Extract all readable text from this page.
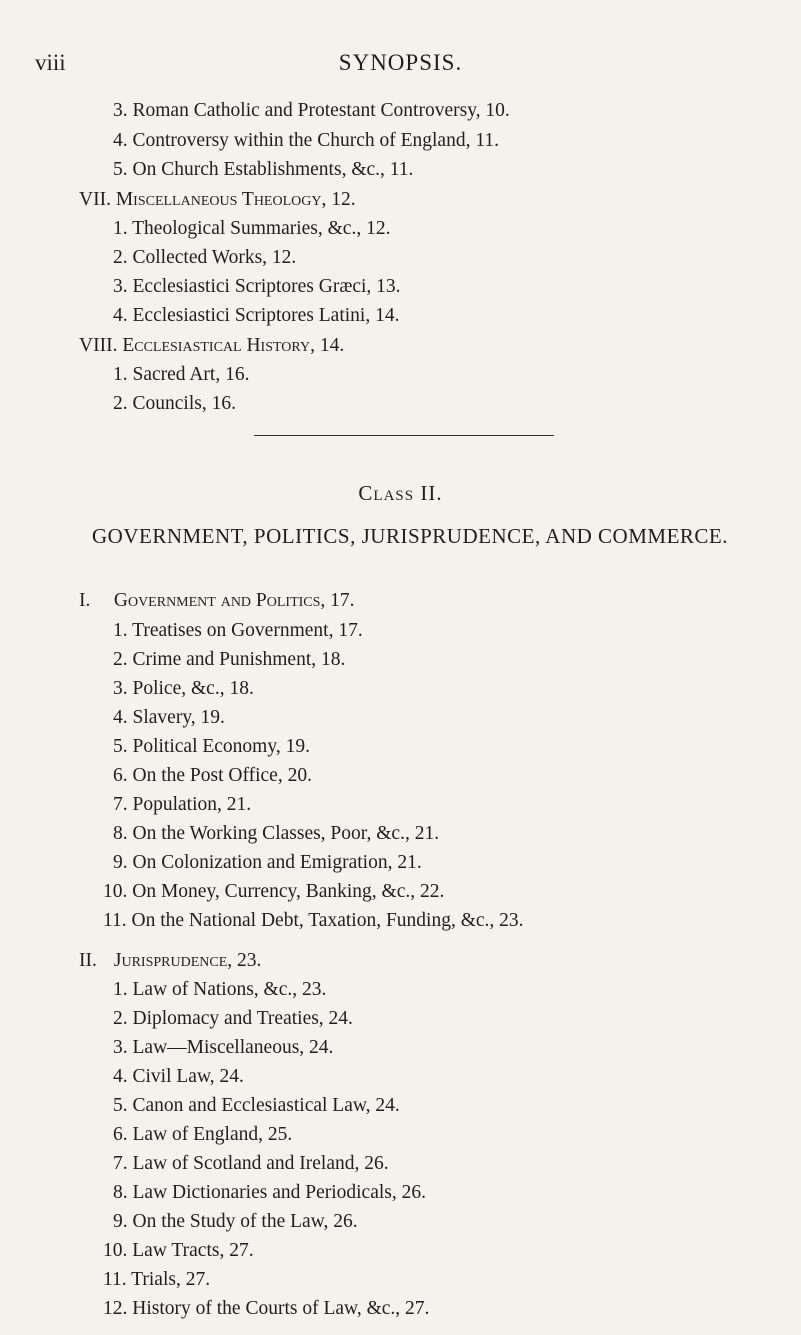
viii	SYNOPSIS.
3. Roman Catholic and Protestant Controversy, 10.
4. Controversy within the Church of England, 11.
5. On Church Establishments, &c., 11.
VII. Miscellaneous Theology, 12.
1. Theological Summaries, &c., 12.
2. Collected Works, 12.
3. Ecclesiastici Scriptores Græci, 13.
4. Ecclesiastici Scriptores Latini, 14.
VIII. Ecclesiastical History, 14.
1. Sacred Art, 16.
2. Councils, 16.
Class II.
GOVERNMENT, POLITICS, JURISPRUDENCE, AND COMMERCE.
I. Government and Politics, 17.
1. Treatises on Government, 17.
2. Crime and Punishment, 18.
3. Police, &c., 18.
4. Slavery, 19.
5. Political Economy, 19.
6. On the Post Office, 20.
7. Population, 21.
8. On the Working Classes, Poor, &c., 21.
9. On Colonization and Emigration, 21.
10. On Money, Currency, Banking, &c., 22.
11. On the National Debt, Taxation, Funding, &c., 23.
II. Jurisprudence, 23.
1. Law of Nations, &c., 23.
2. Diplomacy and Treaties, 24.
3. Law—Miscellaneous, 24.
4. Civil Law, 24.
5. Canon and Ecclesiastical Law, 24.
6. Law of England, 25.
7. Law of Scotland and Ireland, 26.
8. Law Dictionaries and Periodicals, 26.
9. On the Study of the Law, 26.
10. Law Tracts, 27.
11. Trials, 27.
12. History of the Courts of Law, &c., 27.
